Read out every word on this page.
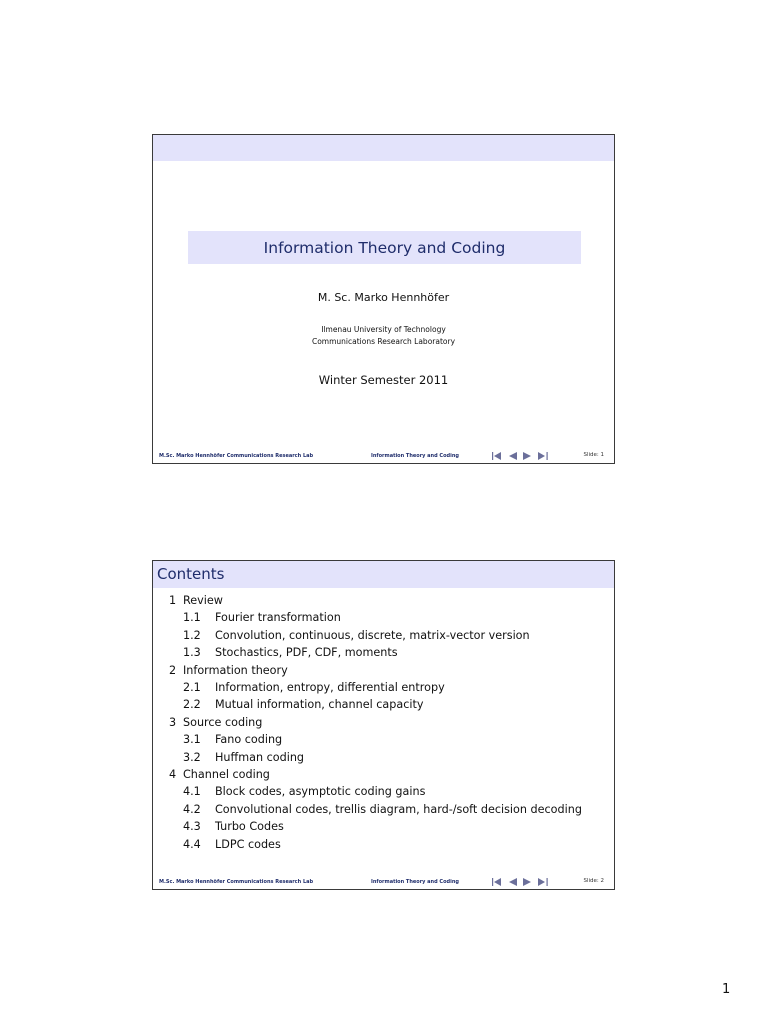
Information Theory and Coding
M. Sc. Marko Hennhöfer
Ilmenau University of Technology
Communications Research Laboratory
Winter Semester 2011
M.Sc. Marko Hennhöfer Communications Research Lab	Information Theory and Coding	Slide: 1
Contents
1 Review
1.1 Fourier transformation
1.2 Convolution, continuous, discrete, matrix-vector version
1.3 Stochastics, PDF, CDF, moments
2 Information theory
2.1 Information, entropy, differential entropy
2.2 Mutual information, channel capacity
3 Source coding
3.1 Fano coding
3.2 Huffman coding
4 Channel coding
4.1 Block codes, asymptotic coding gains
4.2 Convolutional codes, trellis diagram, hard-/soft decision decoding
4.3 Turbo Codes
4.4 LDPC codes
M.Sc. Marko Hennhöfer Communications Research Lab	Information Theory and Coding	Slide: 2
1
